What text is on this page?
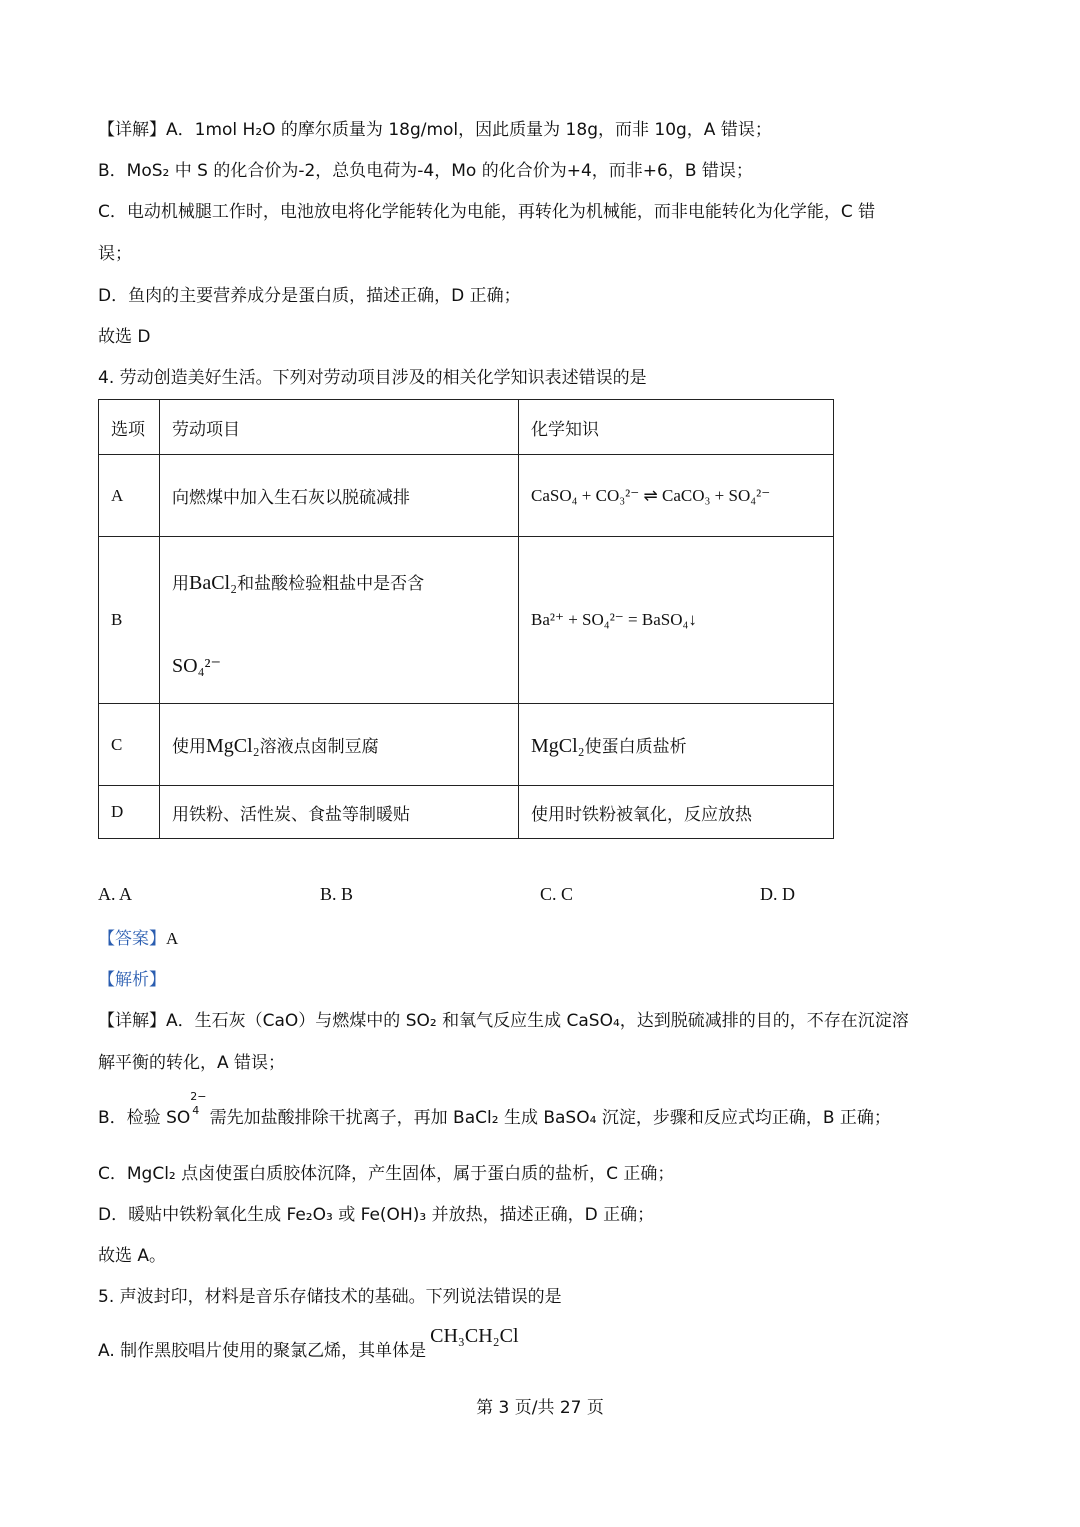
【详解】A．1mol H₂O 的摩尔质量为 18g/mol，因此质量为 18g，而非 10g，A 错误；
B．MoS₂ 中 S 的化合价为-2，总负电荷为-4，Mo 的化合价为+4，而非+6，B 错误；
C．电动机械腿工作时，电池放电将化学能转化为电能，再转化为机械能，而非电能转化为化学能，C 错
误；
D．鱼肉的主要营养成分是蛋白质，描述正确，D 正确；
故选 D
4. 劳动创造美好生活。下列对劳动项目涉及的相关化学知识表述错误的是
选项	劳动项目	化学知识
A	向燃煤中加入生石灰以脱硫减排	CaSO₄ + CO₃²⁻ ⇌ CaCO₃ + SO₄²⁻
B	用BaCl₂和盐酸检验粗盐中是否含
SO₄²⁻	Ba²⁺ + SO₄²⁻ = BaSO₄↓
C	使用MgCl₂溶液点卤制豆腐	MgCl₂使蛋白质盐析
D	用铁粉、活性炭、食盐等制暖贴	使用时铁粉被氧化，反应放热
A. A	B. B	C. C	D. D
【答案】A
【解析】
【详解】A．生石灰（CaO）与燃煤中的 SO₂ 和氧气反应生成 CaSO₄，达到脱硫减排的目的，不存在沉淀溶
解平衡的转化，A 错误；
B．检验 SO
2−
4 需先加盐酸排除干扰离子，再加 BaCl₂ 生成 BaSO₄ 沉淀，步骤和反应式均正确，B 正确；
C．MgCl₂ 点卤使蛋白质胶体沉降，产生固体，属于蛋白质的盐析，C 正确；
D．暖贴中铁粉氧化生成 Fe₂O₃ 或 Fe(OH)₃ 并放热，描述正确，D 正确；
故选 A。
5. 声波封印，材料是音乐存储技术的基础。下列说法错误的是
A. 制作黑胶唱片使用的聚氯乙烯，其单体是CH₃CH₂Cl
第 3 页/共 27 页
